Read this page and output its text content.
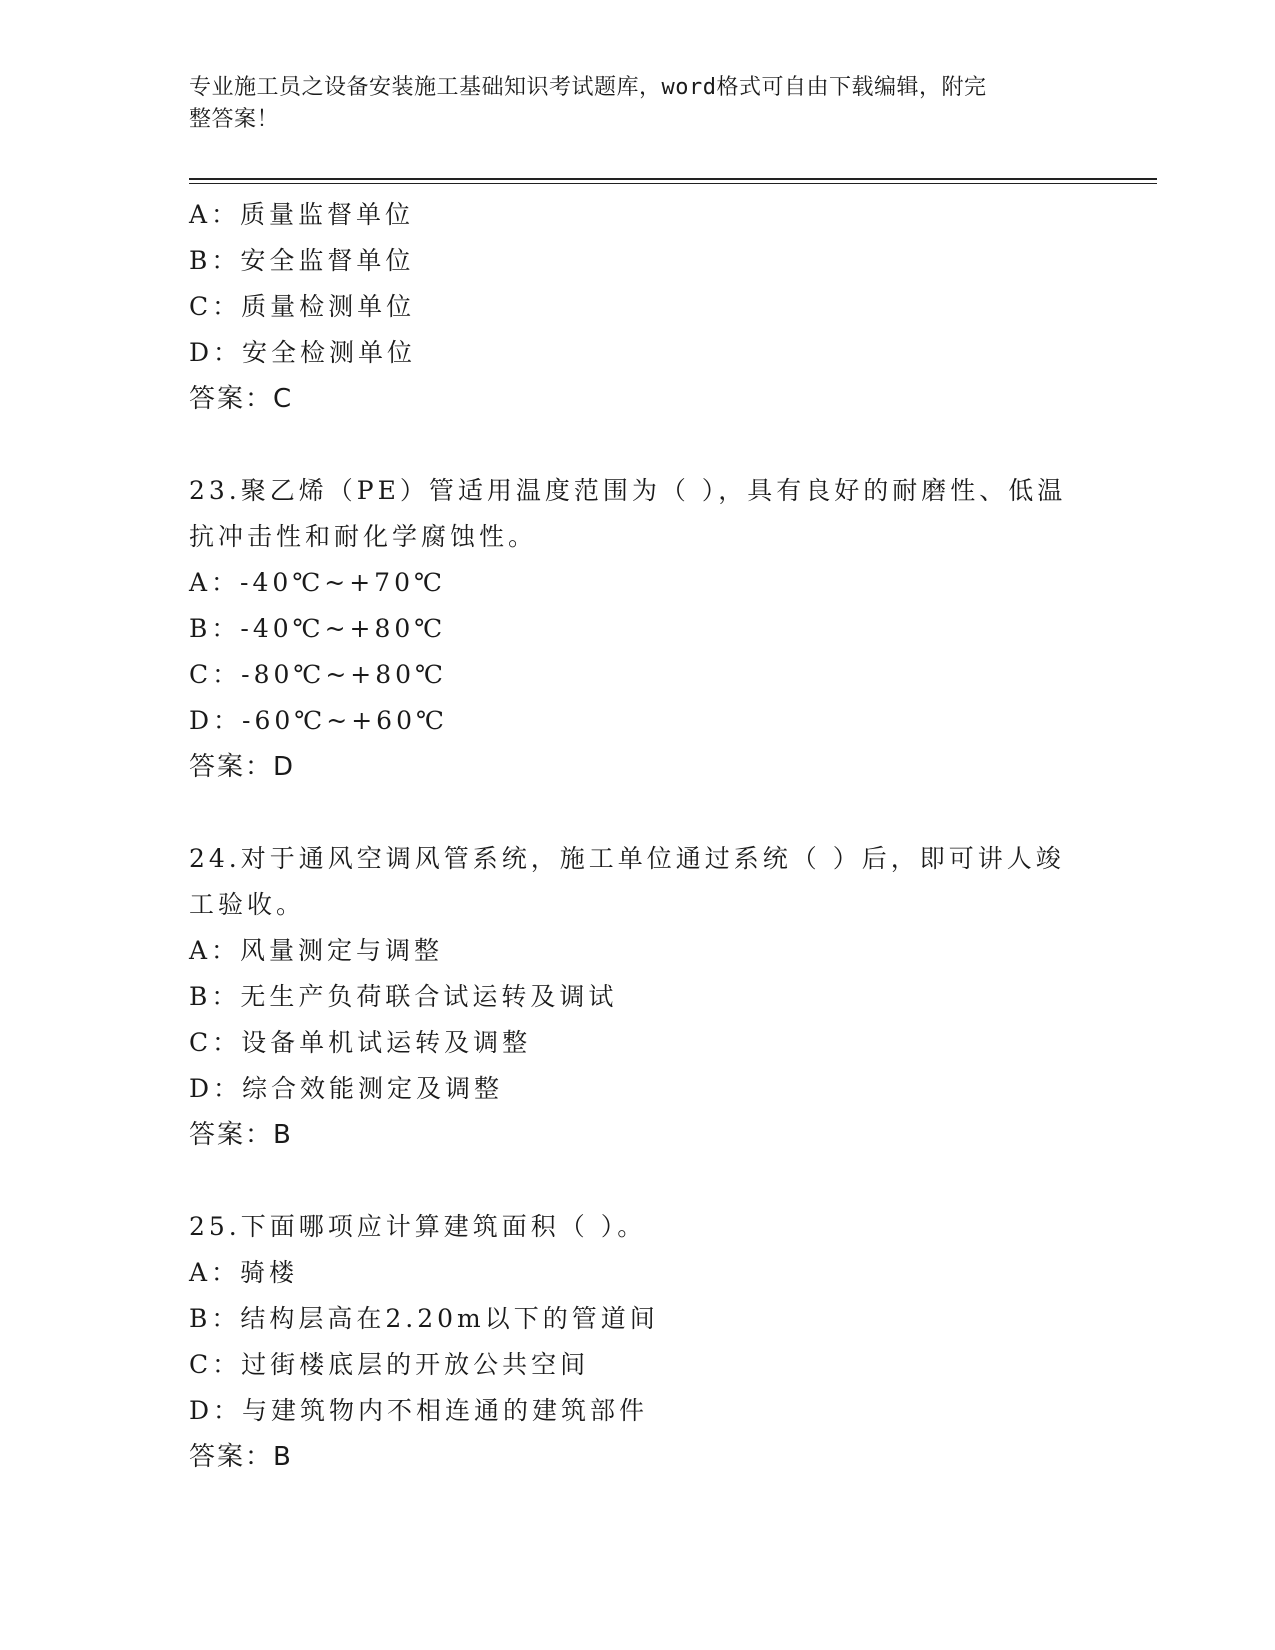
专业施工员之设备安装施工基础知识考试题库，word格式可自由下载编辑，附完
整答案！
A：质量监督单位
B：安全监督单位
C：质量检测单位
D：安全检测单位
答案：C
23.聚乙烯（PE）管适用温度范围为（ ），具有良好的耐磨性、低温
抗冲击性和耐化学腐蚀性。
A：-40℃~+70℃
B：-40℃~+80℃
C：-80℃~+80℃
D：-60℃~+60℃
答案：D
24.对于通风空调风管系统，施工单位通过系统（ ）后，即可讲人竣
工验收。
A：风量测定与调整
B：无生产负荷联合试运转及调试
C：设备单机试运转及调整
D：综合效能测定及调整
答案：B
25.下面哪项应计算建筑面积（ ）。
A：骑楼
B：结构层高在2.20m以下的管道间
C：过街楼底层的开放公共空间
D：与建筑物内不相连通的建筑部件
答案：B
